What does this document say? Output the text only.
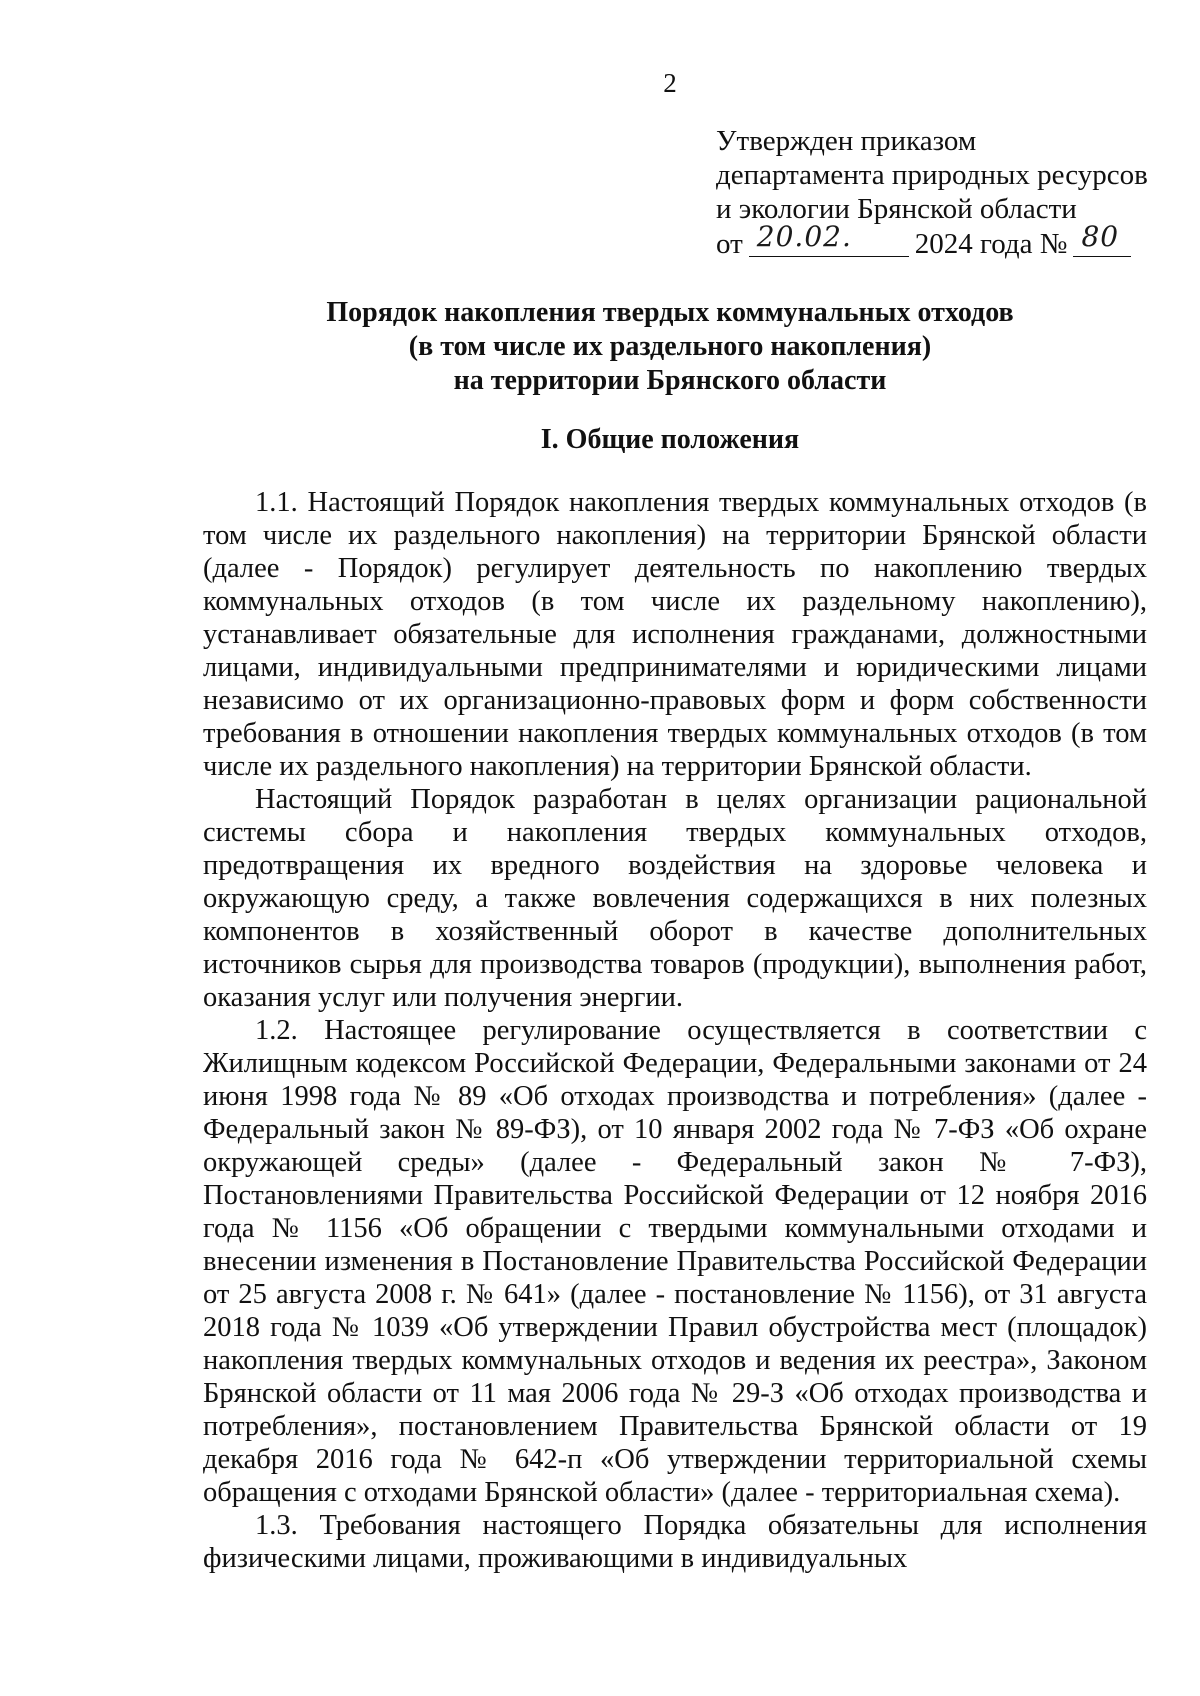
2
Утвержден приказом
департамента природных ресурсов
и экологии Брянской области
от 20.02. 2024 года № 80
Порядок накопления твердых коммунальных отходов
(в том числе их раздельного накопления)
на территории Брянского области
I. Общие положения

1.1. Настоящий Порядок накопления твердых коммунальных отходов (в том числе их раздельного накопления) на территории Брянской области (далее - Порядок) регулирует деятельность по накоплению твердых коммунальных отходов (в том числе их раздельному накоплению), устанавливает обязательные для исполнения гражданами, должностными лицами, индивидуальными предпринимателями и юридическими лицами независимо от их организационно-правовых форм и форм собственности требования в отношении накопления твердых коммунальных отходов (в том числе их раздельного накопления) на территории Брянской области.

Настоящий Порядок разработан в целях организации рациональной системы сбора и накопления твердых коммунальных отходов, предотвращения их вредного воздействия на здоровье человека и окружающую среду, а также вовлечения содержащихся в них полезных компонентов в хозяйственный оборот в качестве дополнительных источников сырья для производства товаров (продукции), выполнения работ, оказания услуг или получения энергии.

1.2. Настоящее регулирование осуществляется в соответствии с Жилищным кодексом Российской Федерации, Федеральными законами от 24 июня 1998 года № 89 «Об отходах производства и потребления» (далее - Федеральный закон № 89-ФЗ), от 10 января 2002 года № 7-ФЗ «Об охране окружающей среды» (далее - Федеральный закон № 7-ФЗ), Постановлениями Правительства Российской Федерации от 12 ноября 2016 года № 1156 «Об обращении с твердыми коммунальными отходами и внесении изменения в Постановление Правительства Российской Федерации от 25 августа 2008 г. № 641» (далее - постановление № 1156), от 31 августа 2018 года № 1039 «Об утверждении Правил обустройства мест (площадок) накопления твердых коммунальных отходов и ведения их реестра», Законом Брянской области от 11 мая 2006 года № 29-З «Об отходах производства и потребления», постановлением Правительства Брянской области от 19 декабря 2016 года № 642-п «Об утверждении территориальной схемы обращения с отходами Брянской области» (далее - территориальная схема).

1.3. Требования настоящего Порядка обязательны для исполнения физическими лицами, проживающими в индивидуальных
